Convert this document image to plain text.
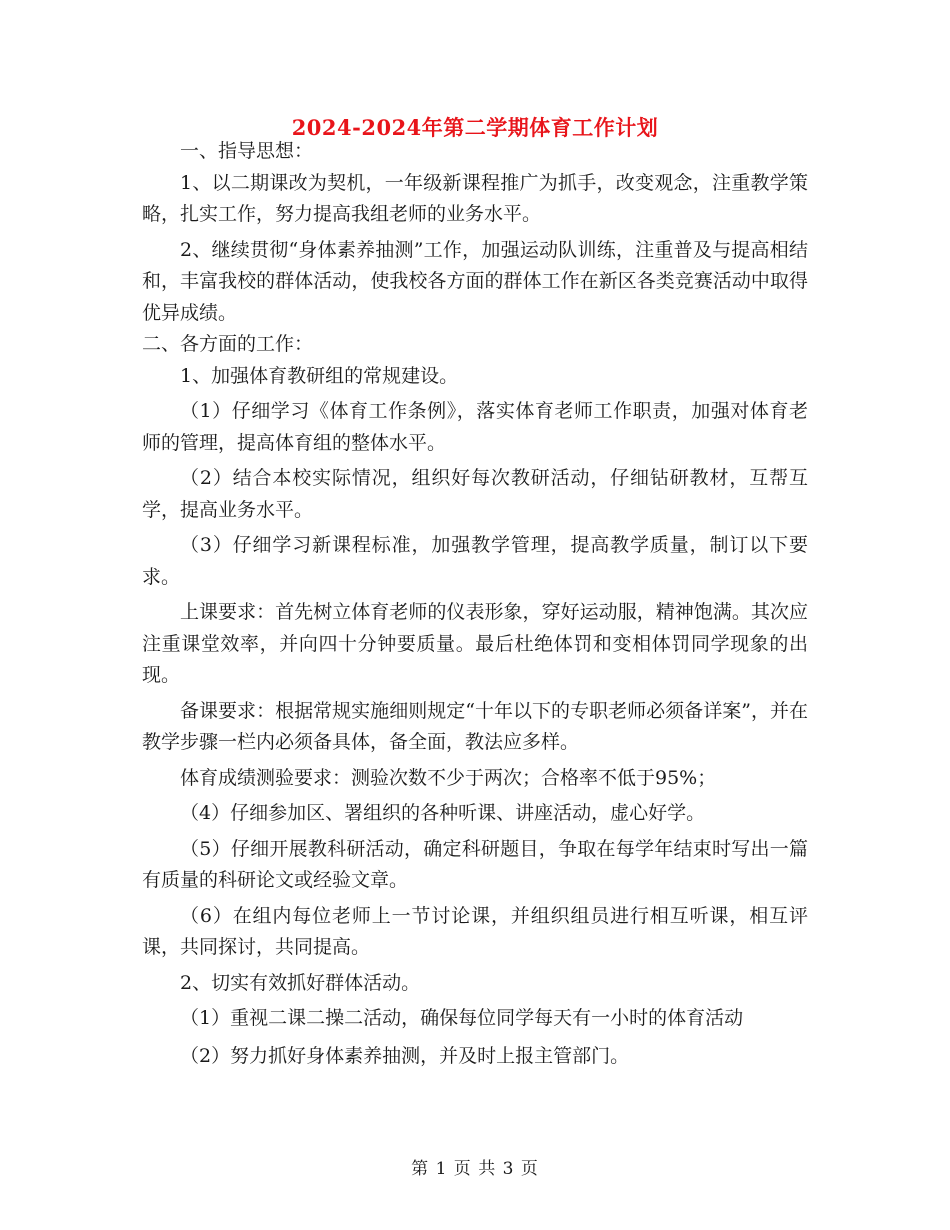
2024-2024年第二学期体育工作计划

一、指导思想：

1、以二期课改为契机，一年级新课程推广为抓手，改变观念，注重教学策略，扎实工作，努力提高我组老师的业务水平。

2、继续贯彻“身体素养抽测”工作，加强运动队训练，注重普及与提高相结和，丰富我校的群体活动，使我校各方面的群体工作在新区各类竞赛活动中取得优异成绩。

二、各方面的工作：

1、加强体育教研组的常规建设。

（1）仔细学习《体育工作条例》，落实体育老师工作职责，加强对体育老师的管理，提高体育组的整体水平。

（2）结合本校实际情况，组织好每次教研活动，仔细钻研教材，互帮互学，提高业务水平。

（3）仔细学习新课程标准，加强教学管理，提高教学质量，制订以下要求。

上课要求：首先树立体育老师的仪表形象，穿好运动服，精神饱满。其次应注重课堂效率，并向四十分钟要质量。最后杜绝体罚和变相体罚同学现象的出现。

备课要求：根据常规实施细则规定“十年以下的专职老师必须备详案”，并在教学步骤一栏内必须备具体，备全面，教法应多样。

体育成绩测验要求：测验次数不少于两次；合格率不低于95%；

（4）仔细参加区、署组织的各种听课、讲座活动，虚心好学。

（5）仔细开展教科研活动，确定科研题目，争取在每学年结束时写出一篇有质量的科研论文或经验文章。

（6）在组内每位老师上一节讨论课，并组织组员进行相互听课，相互评课，共同探讨，共同提高。

2、切实有效抓好群体活动。

（1）重视二课二操二活动，确保每位同学每天有一小时的体育活动

（2）努力抓好身体素养抽测，并及时上报主管部门。

第 1 页 共 3 页
